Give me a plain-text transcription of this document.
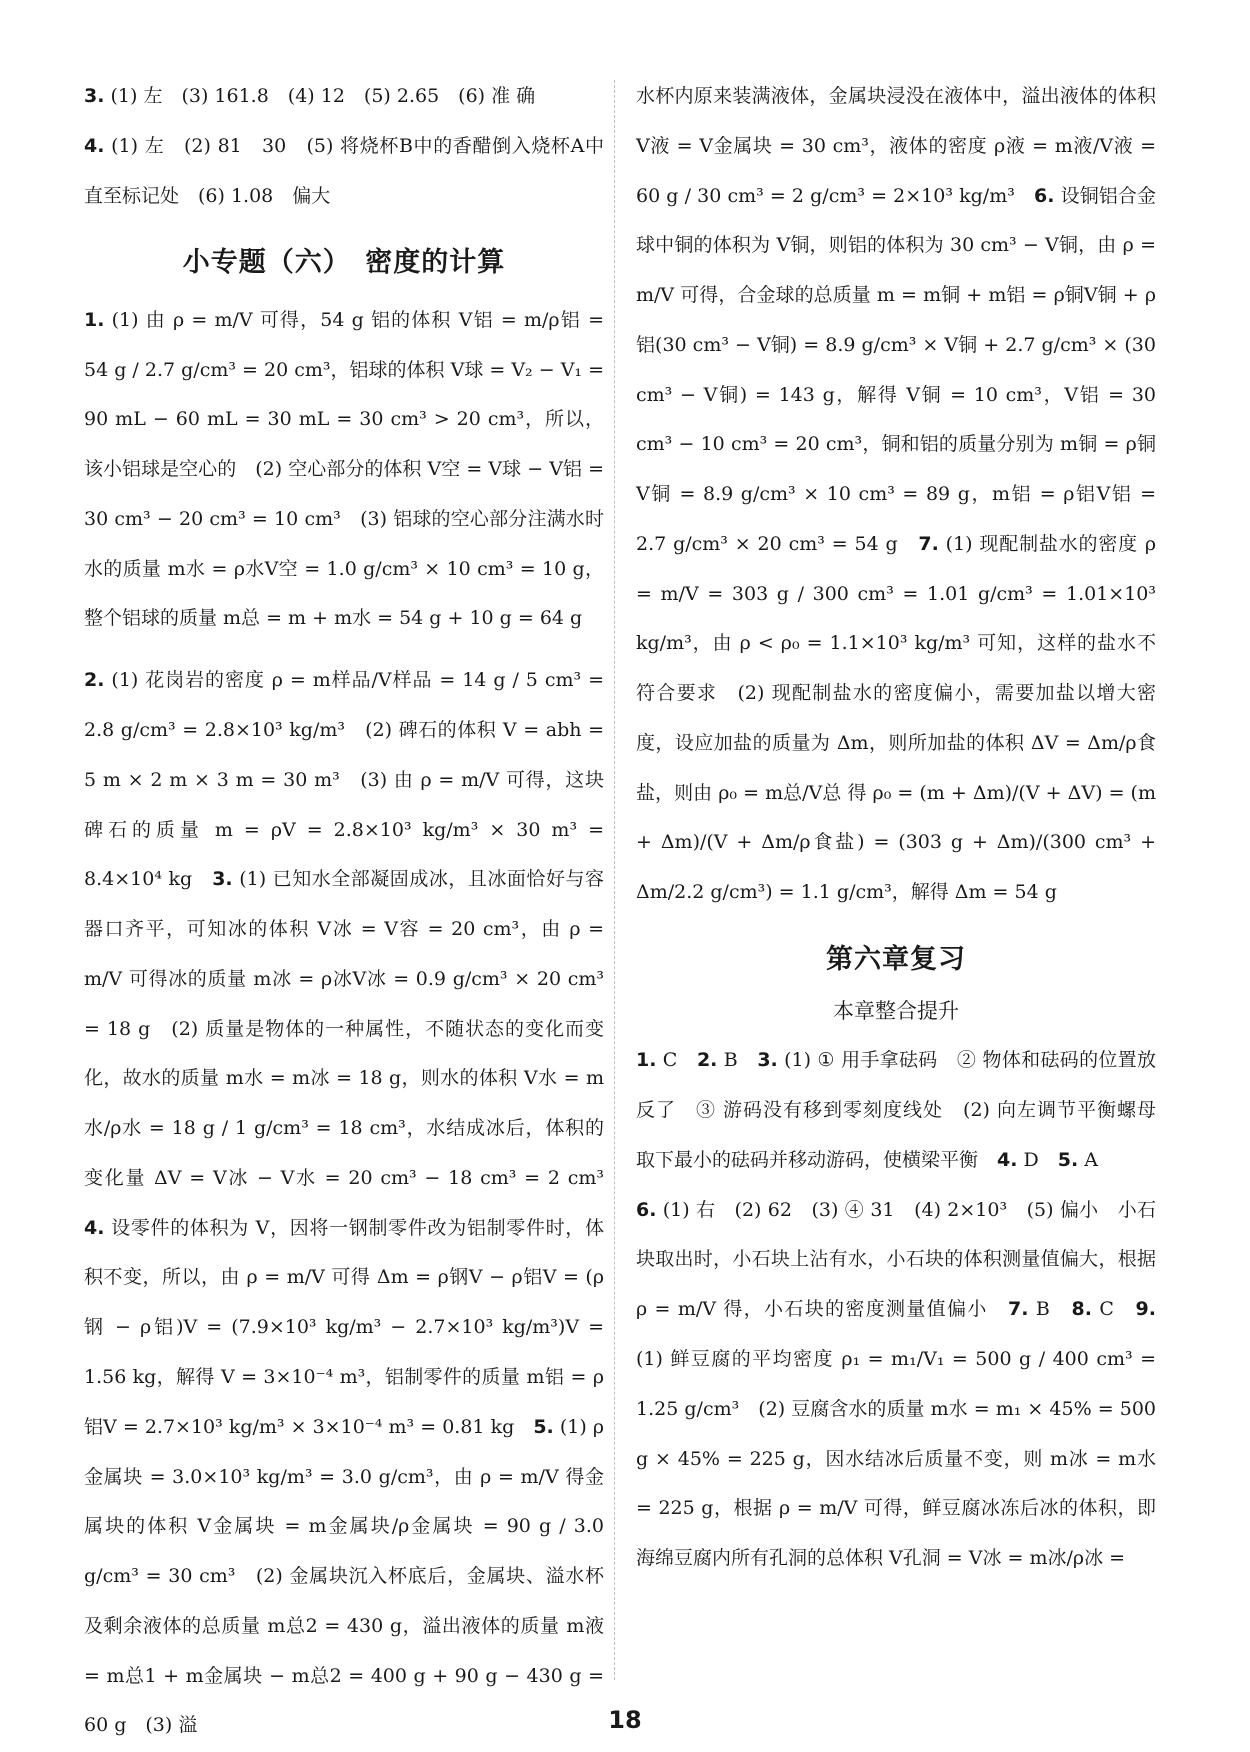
3. (1) 左　(3) 161.8　(4) 12　(5) 2.65　(6) 准 确

4. (1) 左　(2) 81　30　(5) 将烧杯B中的香醋倒入烧杯A中直至标记处　(6) 1.08　偏大

小专题（六）　密度的计算

1. (1) 由 ρ = m/V 可得，54 g 铝的体积 V铝 = m/ρ铝 = 54 g / 2.7 g/cm³ = 20 cm³，铝球的体积 V球 = V₂ − V₁ = 90 mL − 60 mL = 30 mL = 30 cm³ > 20 cm³，所以，该小铝球是空心的　(2) 空心部分的体积 V空 = V球 − V铝 = 30 cm³ − 20 cm³ = 10 cm³　(3) 铝球的空心部分注满水时水的质量 m水 = ρ水V空 = 1.0 g/cm³ × 10 cm³ = 10 g，整个铝球的质量 m总 = m + m水 = 54 g + 10 g = 64 g

2. (1) 花岗岩的密度 ρ = m样品/V样品 = 14 g / 5 cm³ = 2.8 g/cm³ = 2.8×10³ kg/m³　(2) 碑石的体积 V = abh = 5 m × 2 m × 3 m = 30 m³　(3) 由 ρ = m/V 可得，这块碑石的质量 m = ρV = 2.8×10³ kg/m³ × 30 m³ = 8.4×10⁴ kg　3. (1) 已知水全部凝固成冰，且冰面恰好与容器口齐平，可知冰的体积 V冰 = V容 = 20 cm³，由 ρ = m/V 可得冰的质量 m冰 = ρ冰V冰 = 0.9 g/cm³ × 20 cm³ = 18 g　(2) 质量是物体的一种属性，不随状态的变化而变化，故水的质量 m水 = m冰 = 18 g，则水的体积 V水 = m水/ρ水 = 18 g / 1 g/cm³ = 18 cm³，水结成冰后，体积的变化量 ΔV = V冰 − V水 = 20 cm³ − 18 cm³ = 2 cm³　4. 设零件的体积为 V，因将一钢制零件改为铝制零件时，体积不变，所以，由 ρ = m/V 可得 Δm = ρ钢V − ρ铝V = (ρ钢 − ρ铝)V = (7.9×10³ kg/m³ − 2.7×10³ kg/m³)V = 1.56 kg，解得 V = 3×10⁻⁴ m³，铝制零件的质量 m铝 = ρ铝V = 2.7×10³ kg/m³ × 3×10⁻⁴ m³ = 0.81 kg　5. (1) ρ金属块 = 3.0×10³ kg/m³ = 3.0 g/cm³，由 ρ = m/V 得金属块的体积 V金属块 = m金属块/ρ金属块 = 90 g / 3.0 g/cm³ = 30 cm³　(2) 金属块沉入杯底后，金属块、溢水杯及剩余液体的总质量 m总2 = 430 g，溢出液体的质量 m液 = m总1 + m金属块 − m总2 = 400 g + 90 g − 430 g = 60 g　(3) 溢

水杯内原来装满液体，金属块浸没在液体中，溢出液体的体积 V液 = V金属块 = 30 cm³，液体的密度 ρ液 = m液/V液 = 60 g / 30 cm³ = 2 g/cm³ = 2×10³ kg/m³　6. 设铜铝合金球中铜的体积为 V铜，则铝的体积为 30 cm³ − V铜，由 ρ = m/V 可得，合金球的总质量 m = m铜 + m铝 = ρ铜V铜 + ρ铝(30 cm³ − V铜) = 8.9 g/cm³ × V铜 + 2.7 g/cm³ × (30 cm³ − V铜) = 143 g，解得 V铜 = 10 cm³，V铝 = 30 cm³ − 10 cm³ = 20 cm³，铜和铝的质量分别为 m铜 = ρ铜V铜 = 8.9 g/cm³ × 10 cm³ = 89 g，m铝 = ρ铝V铝 = 2.7 g/cm³ × 20 cm³ = 54 g　7. (1) 现配制盐水的密度 ρ = m/V = 303 g / 300 cm³ = 1.01 g/cm³ = 1.01×10³ kg/m³，由 ρ < ρ₀ = 1.1×10³ kg/m³ 可知，这样的盐水不符合要求　(2) 现配制盐水的密度偏小，需要加盐以增大密度，设应加盐的质量为 Δm，则所加盐的体积 ΔV = Δm/ρ食盐，则由 ρ₀ = m总/V总 得 ρ₀ = (m + Δm)/(V + ΔV) = (m + Δm)/(V + Δm/ρ食盐) = (303 g + Δm)/(300 cm³ + Δm/2.2 g/cm³) = 1.1 g/cm³，解得 Δm = 54 g

第六章复习
本章整合提升

1. C　2. B　3. (1) ① 用手拿砝码　② 物体和砝码的位置放反了　③ 游码没有移到零刻度线处　(2) 向左调节平衡螺母　取下最小的砝码并移动游码，使横梁平衡　4. D　5. A

6. (1) 右　(2) 62　(3) ④ 31　(4) 2×10³　(5) 偏小　小石块取出时，小石块上沾有水，小石块的体积测量值偏大，根据 ρ = m/V 得，小石块的密度测量值偏小　7. B　8. C　9. (1) 鲜豆腐的平均密度 ρ₁ = m₁/V₁ = 500 g / 400 cm³ = 1.25 g/cm³　(2) 豆腐含水的质量 m水 = m₁ × 45% = 500 g × 45% = 225 g，因水结冰后质量不变，则 m冰 = m水 = 225 g，根据 ρ = m/V 可得，鲜豆腐冰冻后冰的体积，即海绵豆腐内所有孔洞的总体积 V孔洞 = V冰 = m冰/ρ冰 =

18
